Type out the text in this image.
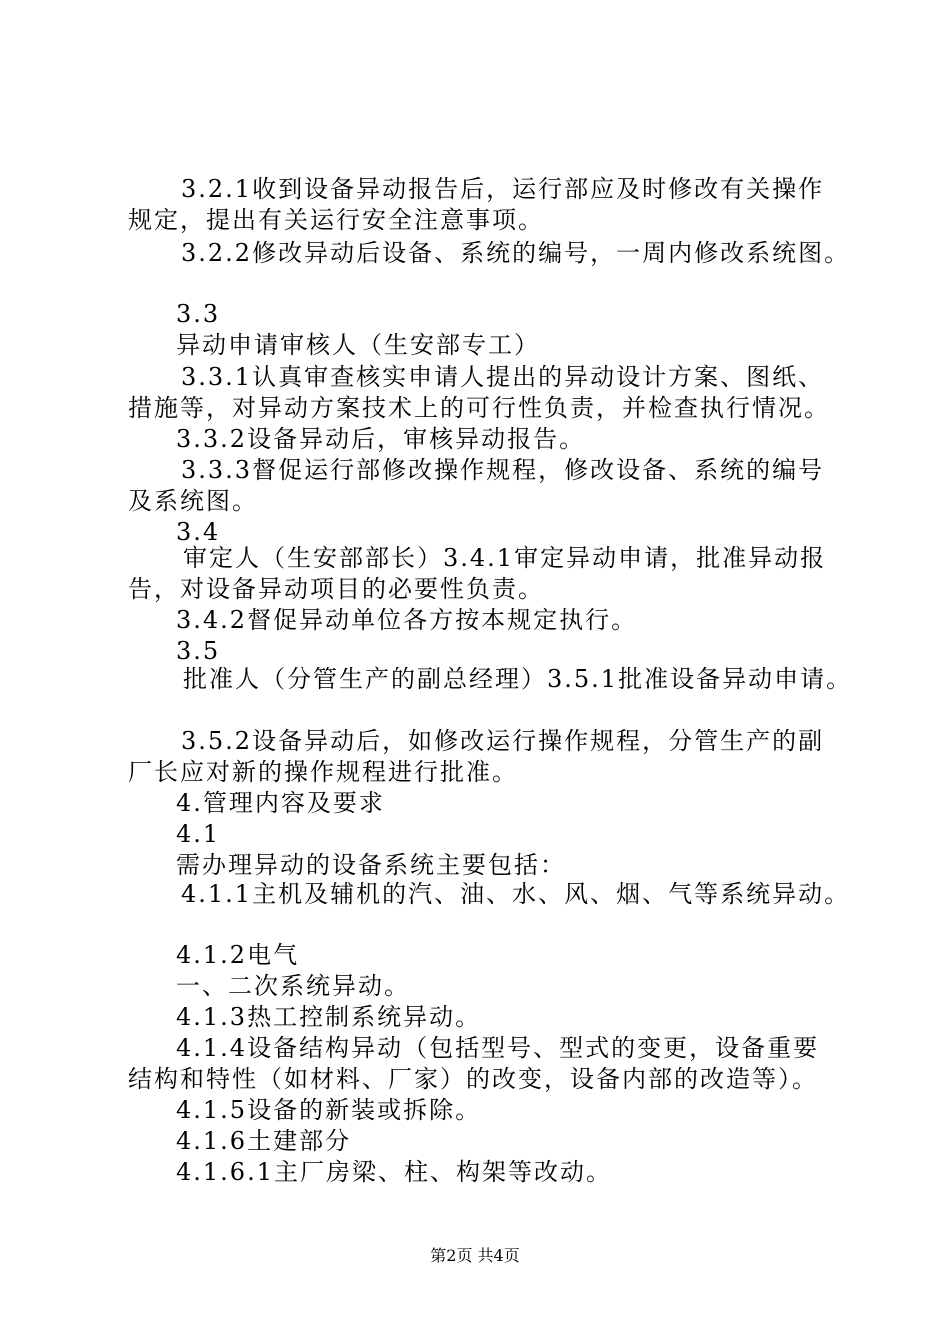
3.2.1收到设备异动报告后，运行部应及时修改有关操作
规定，提出有关运行安全注意事项。
3.2.2修改异动后设备、系统的编号，一周内修改系统图。
3.3
异动申请审核人（生安部专工）
3.3.1认真审查核实申请人提出的异动设计方案、图纸、
措施等，对异动方案技术上的可行性负责，并检查执行情况。
3.3.2设备异动后，审核异动报告。
3.3.3督促运行部修改操作规程，修改设备、系统的编号
及系统图。
3.4
审定人（生安部部长）3.4.1审定异动申请，批准异动报
告，对设备异动项目的必要性负责。
3.4.2督促异动单位各方按本规定执行。
3.5
批准人（分管生产的副总经理）3.5.1批准设备异动申请。
3.5.2设备异动后，如修改运行操作规程，分管生产的副
厂长应对新的操作规程进行批准。
4.管理内容及要求
4.1
需办理异动的设备系统主要包括：
4.1.1主机及辅机的汽、油、水、风、烟、气等系统异动。
4.1.2电气
一、二次系统异动。
4.1.3热工控制系统异动。
4.1.4设备结构异动（包括型号、型式的变更，设备重要
结构和特性（如材料、厂家）的改变，设备内部的改造等）。
4.1.5设备的新装或拆除。
4.1.6土建部分
4.1.6.1主厂房梁、柱、构架等改动。
第2页 共4页
